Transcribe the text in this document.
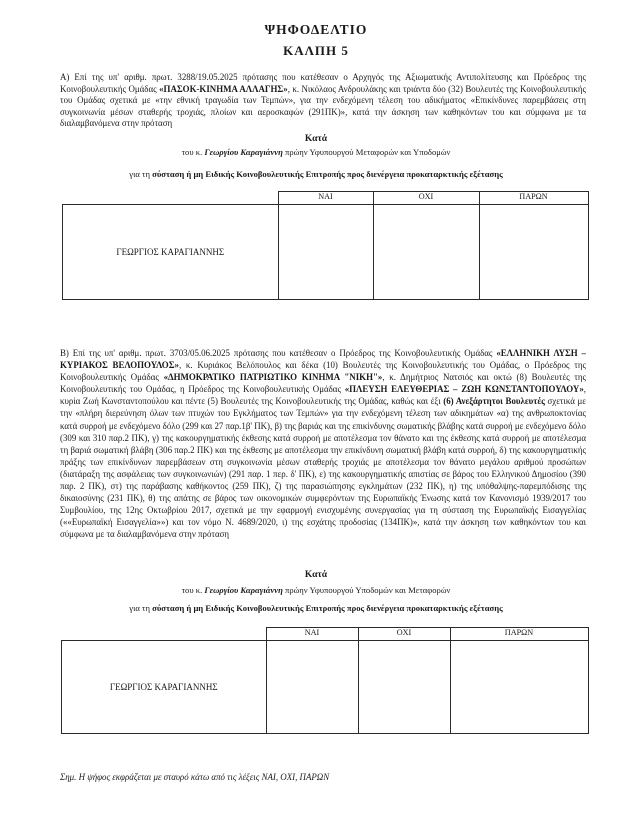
ΨΗΦΟΔΕΛΤΙΟ
ΚΑΛΠΗ 5
Α) Επί της υπ' αριθμ. πρωτ. 3288/19.05.2025 πρότασης που κατέθεσαν ο Αρχηγός της Αξιωματικής Αντιπολίτευσης και Πρόεδρος της Κοινοβουλευτικής Ομάδας «ΠΑΣΟΚ-ΚΙΝΗΜΑ ΑΛΛΑΓΗΣ», κ. Νικόλαος Ανδρουλάκης και τριάντα δύο (32) Βουλευτές της Κοινοβουλευτικής του Ομάδας σχετικά με «την εθνική τραγωδία των Τεμπών», για την ενδεχόμενη τέλεση του αδικήματος «Επικίνδυνες παρεμβάσεις στη συγκοινωνία μέσων σταθερής τροχιάς, πλοίων και αεροσκαφών (291ΠΚ)», κατά την άσκηση των καθηκόντων του και σύμφωνα με τα διαλαμβανόμενα στην πρόταση
Κατά
του κ. Γεωργίου Καραγιάννη πρώην Υφυπουργού Μεταφορών και Υποδομών
για τη σύσταση ή μη Ειδικής Κοινοβουλευτικής Επιτροπής προς διενέργεια προκαταρκτικής εξέτασης
	ΝΑΙ	ΟΧΙ	ΠΑΡΩΝ
ΓΕΩΡΓΙΟΣ ΚΑΡΑΓΙΑΝΝΗΣ			
Β) Επί της υπ' αριθμ. πρωτ. 3703/05.06.2025 πρότασης που κατέθεσαν ο Πρόεδρος της Κοινοβουλευτικής Ομάδας «ΕΛΛΗΝΙΚΗ ΛΥΣΗ – ΚΥΡΙΑΚΟΣ ΒΕΛΟΠΟΥΛΟΣ», κ. Κυριάκος Βελόπουλος και δέκα (10) Βουλευτές της Κοινοβουλευτικής του Ομάδας, ο Πρόεδρος της Κοινοβουλευτικής Ομάδας «ΔΗΜΟΚΡΑΤΙΚΟ ΠΑΤΡΙΩΤΙΚΟ ΚΙΝΗΜΑ "ΝΙΚΗ"», κ. Δημήτριος Νατσιός και οκτώ (8) Βουλευτές της Κοινοβουλευτικής του Ομάδας, η Πρόεδρος της Κοινοβουλευτικής Ομάδας «ΠΛΕΥΣΗ ΕΛΕΥΘΕΡΙΑΣ – ΖΩΗ ΚΩΝΣΤΑΝΤΟΠΟΥΛΟΥ», κυρία Ζωή Κωνσταντοπούλου και πέντε (5) Βουλευτές της Κοινοβουλευτικής της Ομάδας, καθώς και έξι (6) Ανεξάρτητοι Βουλευτές σχετικά με την «πλήρη διερεύνηση όλων των πτυχών του Εγκλήματος των Τεμπών» για την ενδεχόμενη τέλεση των αδικημάτων «α) της ανθρωποκτονίας κατά συρροή με ενδεχόμενο δόλο (299 και 27 παρ.1β' ΠΚ), β) της βαριάς και της επικίνδυνης σωματικής βλάβης κατά συρροή με ενδεχόμενο δόλο (309 και 310 παρ.2 ΠΚ), γ) της κακουργηματικής έκθεσης κατά συρροή με αποτέλεσμα τον θάνατο και της έκθεσης κατά συρροή με αποτέλεσμα τη βαριά σωματική βλάβη (306 παρ.2 ΠΚ) και της έκθεσης με αποτέλεσμα την επικίνδυνη σωματική βλάβη κατά συρροή, δ) της κακουργηματικής πράξης των επικίνδυνων παρεμβάσεων στη συγκοινωνία μέσων σταθερής τροχιάς με αποτέλεσμα τον θάνατο μεγάλου αριθμού προσώπων (διατάραξη της ασφάλειας των συγκοινωνιών) (291 παρ. 1 περ. δ' ΠΚ), ε) της κακουργηματικής απιστίας σε βάρος του Ελληνικού Δημοσίου (390 παρ. 2 ΠΚ), στ) της παράβασης καθήκοντος (259 ΠΚ), ζ) της παρασιώπησης εγκλημάτων (232 ΠΚ), η) της υπόθαλψης-παρεμπόδισης της δικαιοσύνης (231 ΠΚ), θ) της απάτης σε βάρος των οικονομικών συμφερόντων της Ευρωπαϊκής Ένωσης κατά τον Κανονισμό 1939/2017 του Συμβουλίου, της 12ης Οκτωβρίου 2017, σχετικά με την εφαρμογή ενισχυμένης συνεργασίας για τη σύσταση της Ευρωπαϊκής Εισαγγελίας (««Ευρωπαϊκή Εισαγγελία»») και τον νόμο Ν. 4689/2020, ι) της εσχάτης προδοσίας (134ΠΚ)», κατά την άσκηση των καθηκόντων του και σύμφωνα με τα διαλαμβανόμενα στην πρόταση
Κατά
του κ. Γεωργίου Καραγιάννη πρώην Υφυπουργού Υποδομών και Μεταφορών
για τη σύσταση ή μη Ειδικής Κοινοβουλευτικής Επιτροπής προς διενέργεια προκαταρκτικής εξέτασης
	ΝΑΙ	ΟΧΙ	ΠΑΡΩΝ
ΓΕΩΡΓΙΟΣ ΚΑΡΑΓΙΑΝΝΗΣ			
Σημ. Η ψήφος εκφράζεται με σταυρό κάτω από τις λέξεις ΝΑΙ, ΟΧΙ, ΠΑΡΩΝ
